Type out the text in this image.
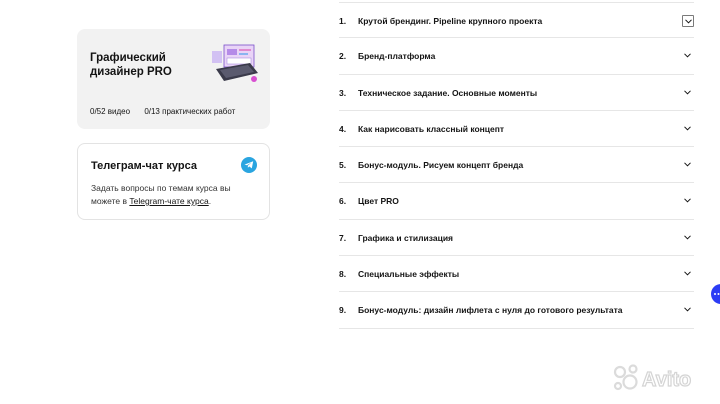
Графический дизайнер PRO
0/52 видео 0/13 практических работ
Телеграм-чат курса
Задать вопросы по темам курса вы можете в Telegram-чате курса.
1. Крутой брендинг. Pipeline крупного проекта
2. Бренд-платформа
3. Техническое задание. Основные моменты
4. Как нарисовать классный концепт
5. Бонус-модуль. Рисуем концепт бренда
6. Цвет PRO
7. Графика и стилизация
8. Специальные эффекты
9. Бонус-модуль: дизайн лифлета с нуля до готового результата
Avito
